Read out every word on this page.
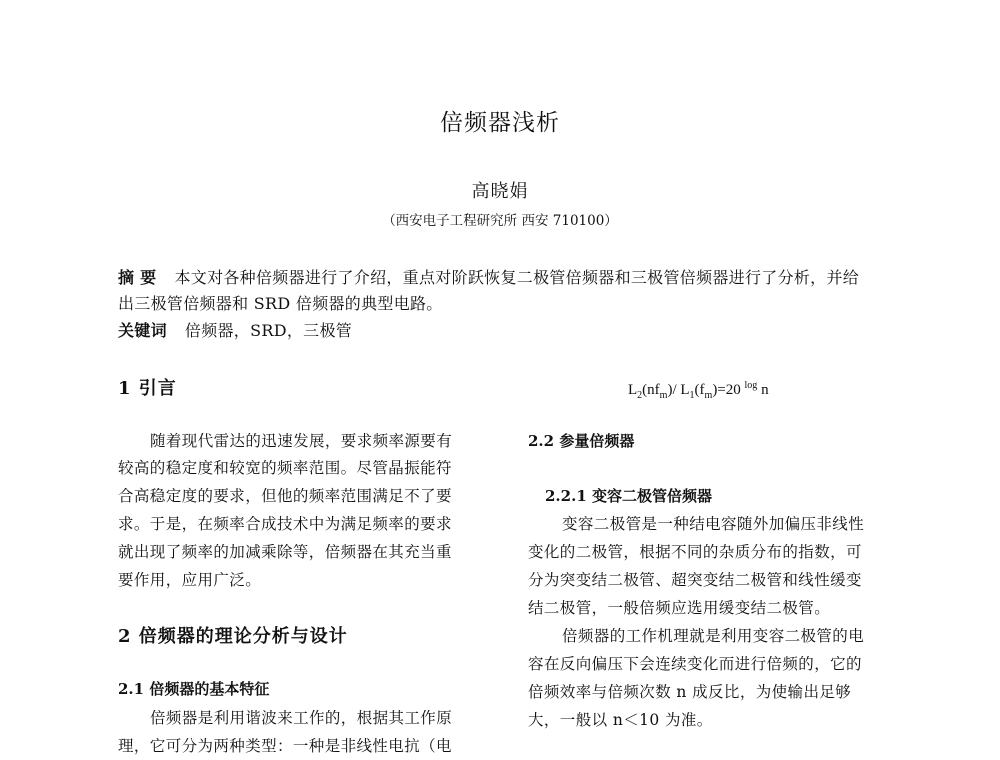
倍频器浅析
高晓娟
（西安电子工程研究所 西安 710100）
摘 要 本文对各种倍频器进行了介绍，重点对阶跃恢复二极管倍频器和三极管倍频器进行了分析，并给
出三极管倍频器和 SRD 倍频器的典型电路。
关键词 倍频器，SRD，三极管
1 引言
随着现代雷达的迅速发展，要求频率源要有
较高的稳定度和较宽的频率范围。尽管晶振能符
合高稳定度的要求，但他的频率范围满足不了要
求。于是，在频率合成技术中为满足频率的要求
就出现了频率的加减乘除等，倍频器在其充当重
要作用，应用广泛。
2 倍频器的理论分析与设计
2.1 倍频器的基本特征
倍频器是利用谐波来工作的，根据其工作原
理，它可分为两种类型：一种是非线性电抗（电
$L_2(nf_m)/$ $L_1(f_m)=20$ $^{log}$ n
2.2 参量倍频器
2.2.1 变容二极管倍频器
变容二极管是一种结电容随外加偏压非线性
变化的二极管，根据不同的杂质分布的指数，可
分为突变结二极管、超突变结二极管和线性缓变
结二极管，一般倍频应选用缓变结二极管。
倍频器的工作机理就是利用变容二极管的电
容在反向偏压下会连续变化而进行倍频的，它的
倍频效率与倍频次数 n 成反比，为使输出足够
大，一般以 n＜10 为准。
